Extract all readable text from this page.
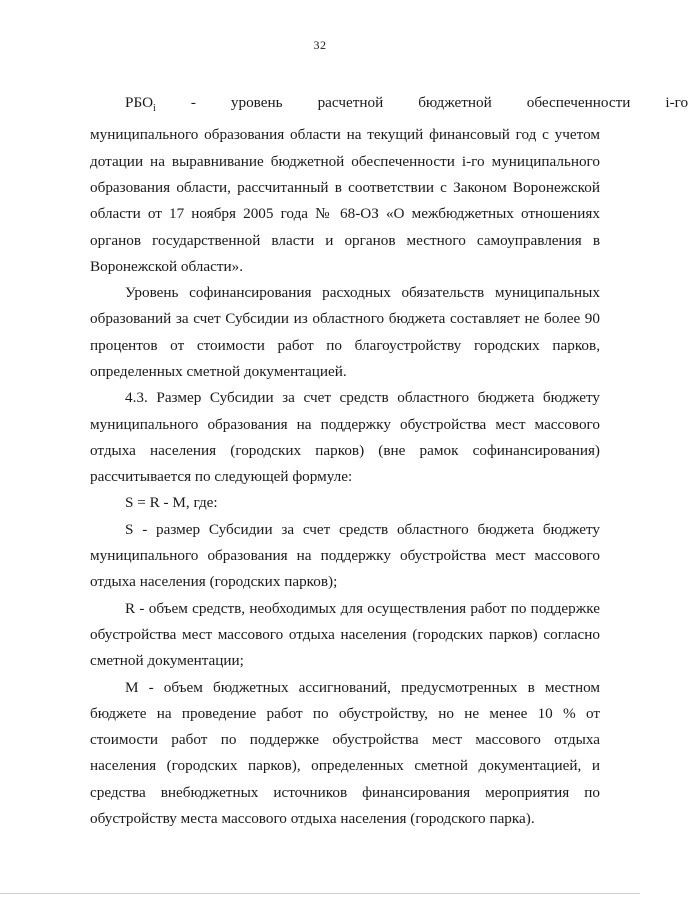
32

$РБО_i$	-	уровень	расчетной	бюджетной	обеспеченности	i-го
муниципального образования области на текущий финансовый год с учетом дотации на выравнивание бюджетной обеспеченности i-го муниципального образования области, рассчитанный в соответствии с Законом Воронежской области от 17 ноября 2005 года № 68-ОЗ «О межбюджетных отношениях органов государственной власти и органов местного самоуправления в Воронежской области».

Уровень софинансирования расходных обязательств муниципальных образований за счет Субсидии из областного бюджета составляет не более 90 процентов от стоимости работ по благоустройству городских парков, определенных сметной документацией.

4.3. Размер Субсидии за счет средств областного бюджета бюджету муниципального образования на поддержку обустройства мест массового отдыха населения (городских парков) (вне рамок софинансирования) рассчитывается по следующей формуле:

S = R - M, где:

S - размер Субсидии за счет средств областного бюджета бюджету муниципального образования на поддержку обустройства мест массового отдыха населения (городских парков);

R - объем средств, необходимых для осуществления работ по поддержке обустройства мест массового отдыха населения (городских парков) согласно сметной документации;

М - объем бюджетных ассигнований, предусмотренных в местном бюджете на проведение работ по обустройству, но не менее 10 % от стоимости работ по поддержке обустройства мест массового отдыха населения (городских парков), определенных сметной документацией, и средства внебюджетных источников финансирования мероприятия по обустройству места массового отдыха населения (городского парка).
